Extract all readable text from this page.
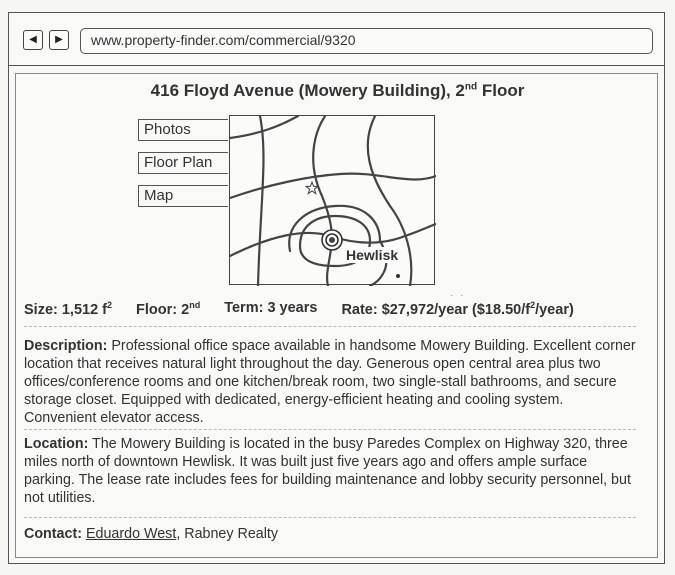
◀	▶	www.property-finder.com/commercial/9320
416 Floyd Avenue (Mowery Building), 2nd Floor
Photos
Floor Plan
Map
Hewlisk
· ·
Size: 1,512 $f^2$ Floor: 2nd Term: 3 years Rate: $27,972/year $(\$18.50/f^2/year)$
Description: Professional office space available in handsome Mowery Building. Excellent corner location that receives natural light throughout the day. Generous open central area plus two offices/conference rooms and one kitchen/break room, two single-stall bathrooms, and secure storage closet. Equipped with dedicated, energy-efficient heating and cooling system. Convenient elevator access.
Location: The Mowery Building is located in the busy Paredes Complex on Highway 320, three miles north of downtown Hewlisk. It was built just five years ago and offers ample surface parking. The lease rate includes fees for building maintenance and lobby security personnel, but not utilities.
Contact: Eduardo West, Rabney Realty
